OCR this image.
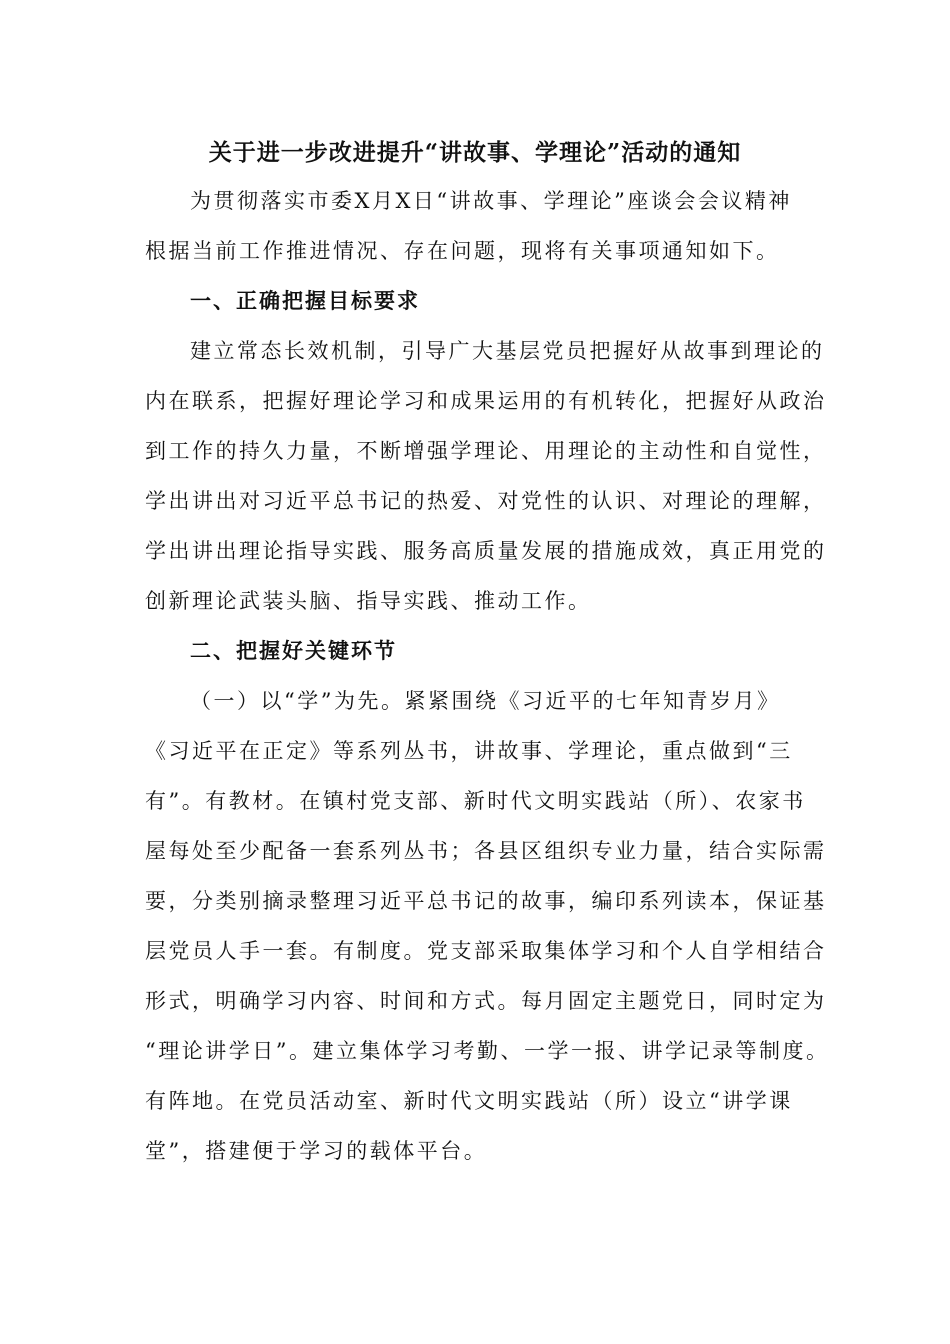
关于进一步改进提升“讲故事、学理论”活动的通知
为贯彻落实市委X月X日“讲故事、学理论”座谈会会议精神
根据当前工作推进情况、存在问题，现将有关事项通知如下。
一、正确把握目标要求
建立常态长效机制，引导广大基层党员把握好从故事到理论的
内在联系，把握好理论学习和成果运用的有机转化，把握好从政治
到工作的持久力量，不断增强学理论、用理论的主动性和自觉性，
学出讲出对习近平总书记的热爱、对党性的认识、对理论的理解，
学出讲出理论指导实践、服务高质量发展的措施成效，真正用党的
创新理论武装头脑、指导实践、推动工作。
二、把握好关键环节
（一）以“学”为先。紧紧围绕《习近平的七年知青岁月》
《习近平在正定》等系列丛书，讲故事、学理论，重点做到“三
有”。有教材。在镇村党支部、新时代文明实践站（所）、农家书
屋每处至少配备一套系列丛书；各县区组织专业力量，结合实际需
要，分类别摘录整理习近平总书记的故事，编印系列读本，保证基
层党员人手一套。有制度。党支部采取集体学习和个人自学相结合
形式，明确学习内容、时间和方式。每月固定主题党日，同时定为
“理论讲学日”。建立集体学习考勤、一学一报、讲学记录等制度。
有阵地。在党员活动室、新时代文明实践站（所）设立“讲学课
堂”，搭建便于学习的载体平台。
